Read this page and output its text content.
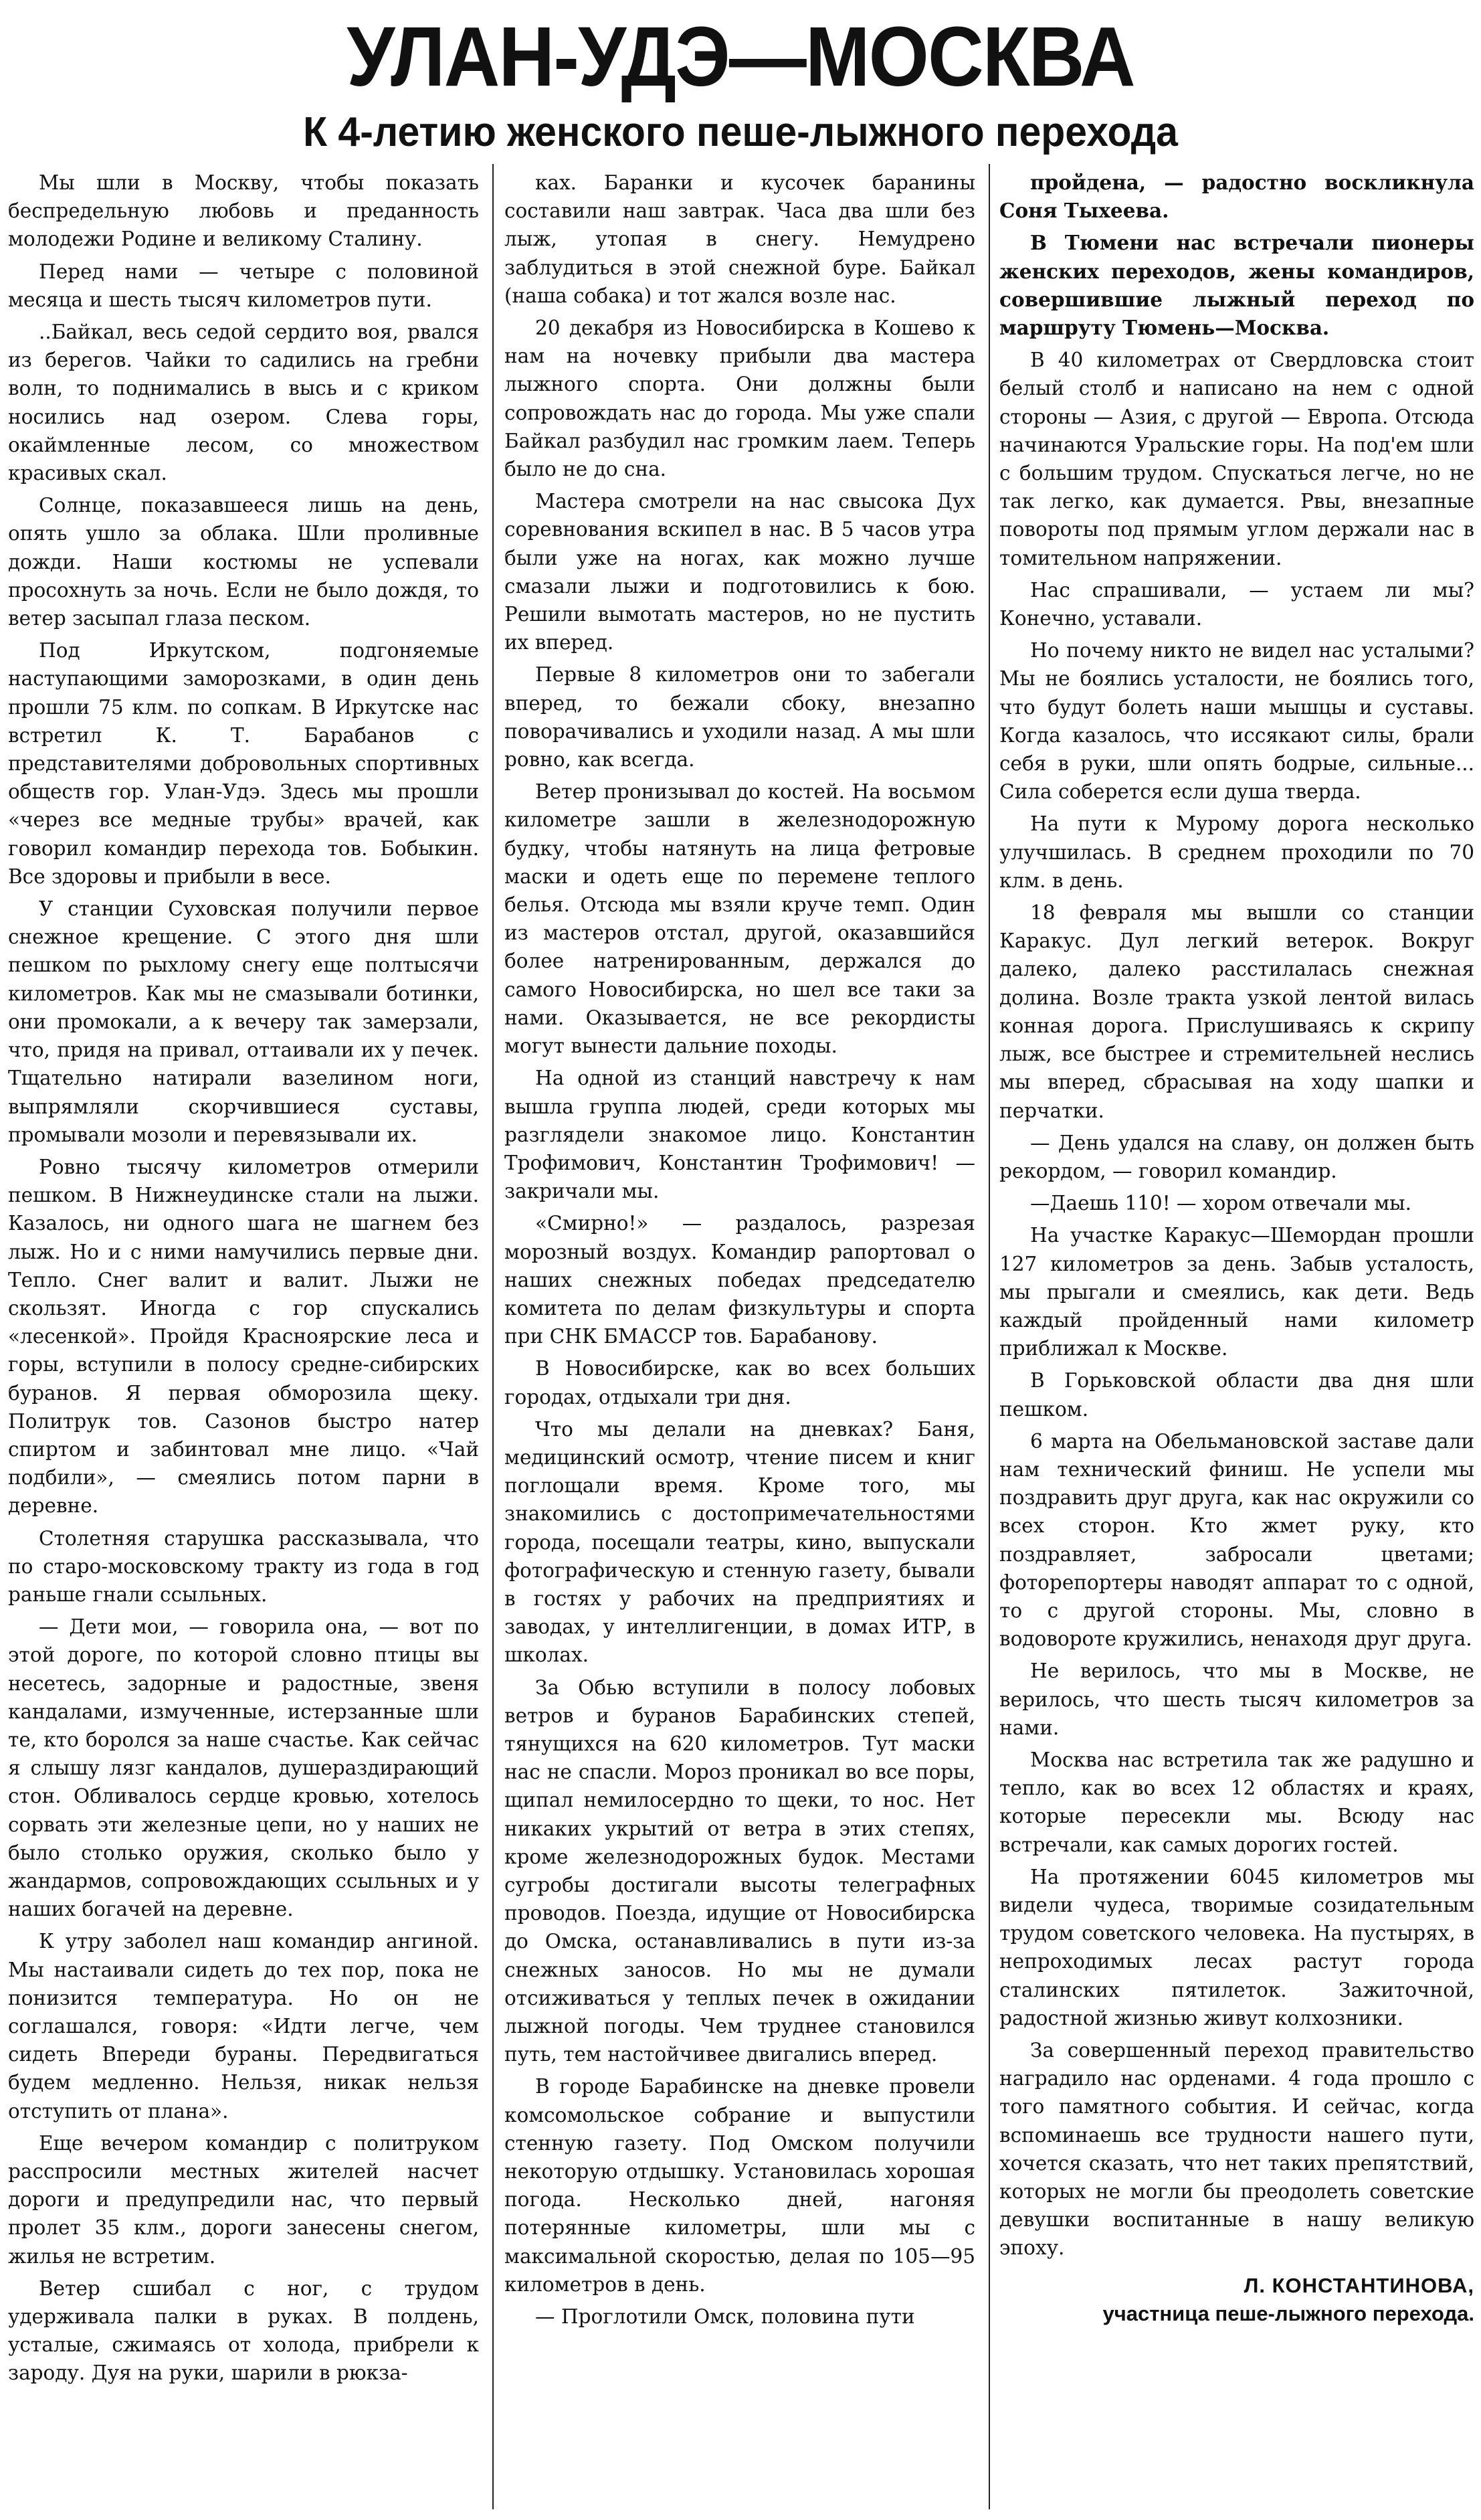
УЛАН-УДЭ—МОСКВА
К 4-летию женского пеше-лыжного перехода

Мы шли в Москву, чтобы показать беспредельную любовь и преданность молодежи Родине и великому Сталину.

Перед нами — четыре с половиной месяца и шесть тысяч километров пути.

..Байкал, весь седой сердито воя, рвался из берегов. Чайки то садились на гребни волн, то поднимались в высь и с криком носились над озером. Слева горы, окаймленные лесом, со множеством красивых скал.

Солнце, показавшееся лишь на день, опять ушло за облака. Шли проливные дожди. Наши костюмы не успевали просохнуть за ночь. Если не было дождя, то ветер засыпал глаза песком.

Под Иркутском, подгоняемые наступающими заморозками, в один день прошли 75 клм. по сопкам. В Иркутске нас встретил К. Т. Барабанов с представителями добровольных спортивных обществ гор. Улан-Удэ. Здесь мы прошли «через все медные трубы» врачей, как говорил командир перехода тов. Бобыкин. Все здоровы и прибыли в весе.

У станции Суховская получили первое снежное крещение. С этого дня шли пешком по рыхлому снегу еще полтысячи километров. Как мы не смазывали ботинки, они промокали, а к вечеру так замерзали, что, придя на привал, оттаивали их у печек. Тщательно натирали вазелином ноги, выпрямляли скорчившиеся суставы, промывали мозоли и перевязывали их.

Ровно тысячу километров отмерили пешком. В Нижнеудинске стали на лыжи. Казалось, ни одного шага не шагнем без лыж. Но и с ними намучились первые дни. Тепло. Снег валит и валит. Лыжи не скользят. Иногда с гор спускались «лесенкой». Пройдя Красноярские леса и горы, вступили в полосу средне-сибирских буранов. Я первая обморозила щеку. Политрук тов. Сазонов быстро натер спиртом и забинтовал мне лицо. «Чай подбили», — смеялись потом парни в деревне.

Столетняя старушка рассказывала, что по старо-московскому тракту из года в год раньше гнали ссыльных.

— Дети мои, — говорила она, — вот по этой дороге, по которой словно птицы вы несетесь, задорные и радостные, звеня кандалами, измученные, истерзанные шли те, кто боролся за наше счастье. Как сейчас я слышу лязг кандалов, душераздирающий стон. Обливалось сердце кровью, хотелось сорвать эти железные цепи, но у наших не было столько оружия, сколько было у жандармов, сопровождающих ссыльных и у наших богачей на деревне.

К утру заболел наш командир ангиной. Мы настаивали сидеть до тех пор, пока не понизится температура. Но он не соглашался, говоря: «Идти легче, чем сидеть Впереди бураны. Передвигаться будем медленно. Нельзя, никак нельзя отступить от плана».

Еще вечером командир с политруком расспросили местных жителей насчет дороги и предупредили нас, что первый пролет 35 клм., дороги занесены снегом, жилья не встретим.

Ветер сшибал с ног, с трудом удерживала палки в руках. В полдень, усталые, сжимаясь от холода, прибрели к зароду. Дуя на руки, шарили в рюкза-

ках. Баранки и кусочек баранины составили наш завтрак. Часа два шли без лыж, утопая в снегу. Немудрено заблудиться в этой снежной буре. Байкал (наша собака) и тот жался возле нас.

20 декабря из Новосибирска в Кошево к нам на ночевку прибыли два мастера лыжного спорта. Они должны были сопровождать нас до города. Мы уже спали Байкал разбудил нас громким лаем. Теперь было не до сна.

Мастера смотрели на нас свысока Дух соревнования вскипел в нас. В 5 часов утра были уже на ногах, как можно лучше смазали лыжи и подготовились к бою. Решили вымотать мастеров, но не пустить их вперед.

Первые 8 километров они то забегали вперед, то бежали сбоку, внезапно поворачивались и уходили назад. А мы шли ровно, как всегда.

Ветер пронизывал до костей. На восьмом километре зашли в железнодорожную будку, чтобы натянуть на лица фетровые маски и одеть еще по перемене теплого белья. Отсюда мы взяли круче темп. Один из мастеров отстал, другой, оказавшийся более натренированным, держался до самого Новосибирска, но шел все таки за нами. Оказывается, не все рекордисты могут вынести дальние походы.

На одной из станций навстречу к нам вышла группа людей, среди которых мы разглядели знакомое лицо. Константин Трофимович, Константин Трофимович! — закричали мы.

«Смирно!» — раздалось, разрезая морозный воздух. Командир рапортовал о наших снежных победах председателю комитета по делам физкультуры и спорта при СНК БМАССР тов. Барабанову.

В Новосибирске, как во всех больших городах, отдыхали три дня.

Что мы делали на дневках? Баня, медицинский осмотр, чтение писем и книг поглощали время. Кроме того, мы знакомились с достопримечательностями города, посещали театры, кино, выпускали фотографическую и стенную газету, бывали в гостях у рабочих на предприятиях и заводах, у интеллигенции, в домах ИТР, в школах.

За Обью вступили в полосу лобовых ветров и буранов Барабинских степей, тянущихся на 620 километров. Тут маски нас не спасли. Мороз проникал во все поры, щипал немилосердно то щеки, то нос. Нет никаких укрытий от ветра в этих степях, кроме железнодорожных будок. Местами сугробы достигали высоты телеграфных проводов. Поезда, идущие от Новосибирска до Омска, останавливались в пути из-за снежных заносов. Но мы не думали отсиживаться у теплых печек в ожидании лыжной погоды. Чем труднее становился путь, тем настойчивее двигались вперед.

В городе Барабинске на дневке провели комсомольское собрание и выпустили стенную газету. Под Омском получили некоторую отдышку. Установилась хорошая погода. Несколько дней, нагоняя потерянные километры, шли мы с максимальной скоростью, делая по 105—95 километров в день.

— Проглотили Омск, половина пути

пройдена, — радостно воскликнула Соня Тыхеева.

В Тюмени нас встречали пионеры женских переходов, жены командиров, совершившие лыжный переход по маршруту Тюмень—Москва.

В 40 километрах от Свердловска стоит белый столб и написано на нем с одной стороны — Азия, с другой — Европа. Отсюда начинаются Уральские горы. На под'ем шли с большим трудом. Спускаться легче, но не так легко, как думается. Рвы, внезапные повороты под прямым углом держали нас в томительном напряжении.

Нас спрашивали, — устаем ли мы? Конечно, уставали.

Но почему никто не видел нас усталыми? Мы не боялись усталости, не боялись того, что будут болеть наши мышцы и суставы. Когда казалось, что иссякают силы, брали себя в руки, шли опять бодрые, сильные... Сила соберется если душа тверда.

На пути к Мурому дорога несколько улучшилась. В среднем проходили по 70 клм. в день.

18 февраля мы вышли со станции Каракус. Дул легкий ветерок. Вокруг далеко, далеко расстилалась снежная долина. Возле тракта узкой лентой вилась конная дорога. Прислушиваясь к скрипу лыж, все быстрее и стремительней неслись мы вперед, сбрасывая на ходу шапки и перчатки.

— День удался на славу, он должен быть рекордом, — говорил командир.

—Даешь 110! — хором отвечали мы.

На участке Каракус—Шемордан прошли 127 километров за день. Забыв усталость, мы прыгали и смеялись, как дети. Ведь каждый пройденный нами километр приближал к Москве.

В Горьковской области два дня шли пешком.

6 марта на Обельмановской заставе дали нам технический финиш. Не успели мы поздравить друг друга, как нас окружили со всех сторон. Кто жмет руку, кто поздравляет, забросали цветами; фоторепортеры наводят аппарат то с одной, то с другой стороны. Мы, словно в водовороте кружились, ненаходя друг друга.

Не верилось, что мы в Москве, не верилось, что шесть тысяч километров за нами.

Москва нас встретила так же радушно и тепло, как во всех 12 областях и краях, которые пересекли мы. Всюду нас встречали, как самых дорогих гостей.

На протяжении 6045 километров мы видели чудеса, творимые созидательным трудом советского человека. На пустырях, в непроходимых лесах растут города сталинских пятилеток. Зажиточной, радостной жизнью живут колхозники.

За совершенный переход правительство наградило нас орденами. 4 года прошло с того памятного события. И сейчас, когда вспоминаешь все трудности нашего пути, хочется сказать, что нет таких препятствий, которых не могли бы преодолеть советские девушки воспитанные в нашу великую эпоху.

Л. КОНСТАНТИНОВА,

участница пеше-лыжного перехода.
